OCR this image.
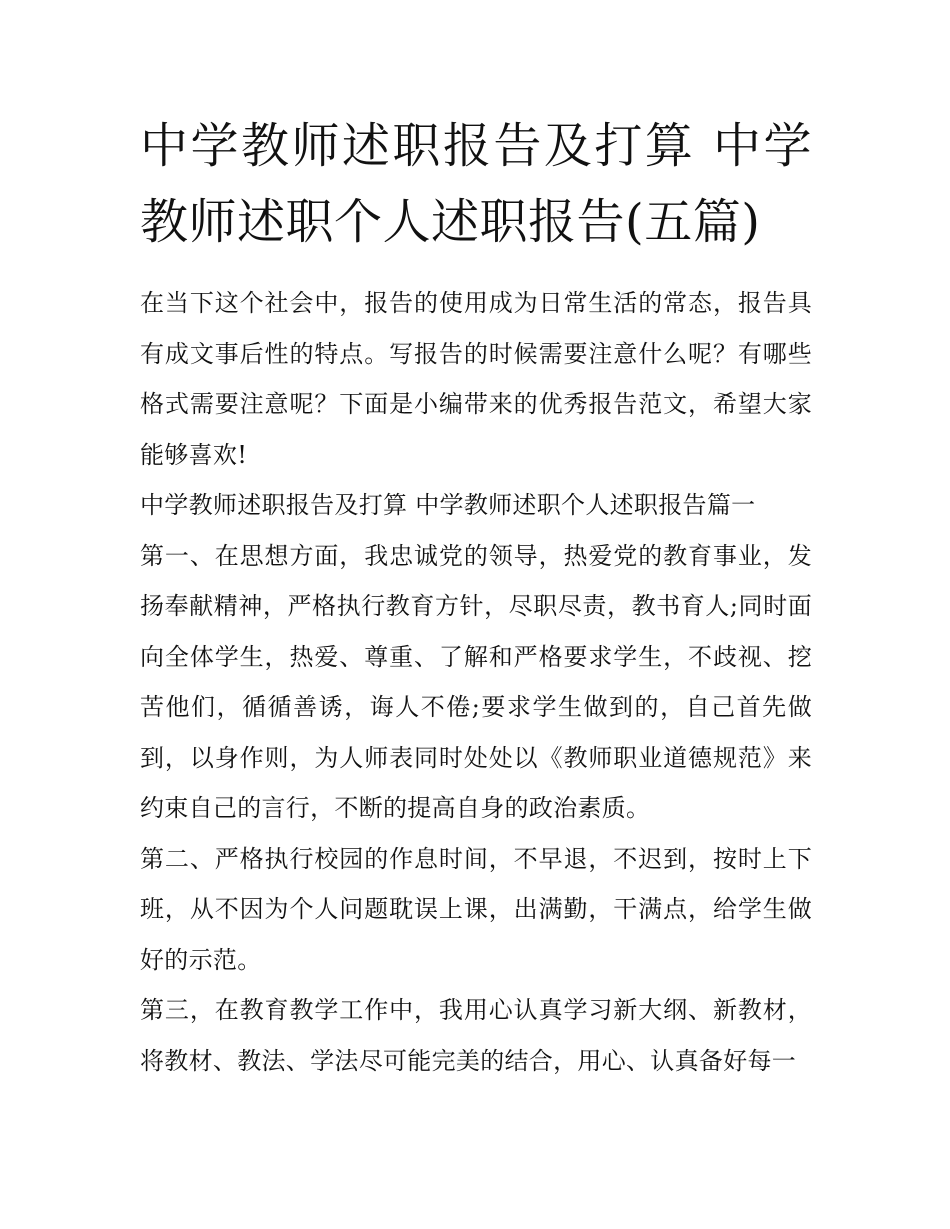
中学教师述职报告及打算 中学教师述职个人述职报告(五篇)

在当下这个社会中，报告的使用成为日常生活的常态，报告具有成文事后性的特点。写报告的时候需要注意什么呢？有哪些格式需要注意呢？下面是小编带来的优秀报告范文，希望大家能够喜欢!

中学教师述职报告及打算 中学教师述职个人述职报告篇一

第一、在思想方面，我忠诚党的领导，热爱党的教育事业，发扬奉献精神，严格执行教育方针，尽职尽责，教书育人;同时面向全体学生，热爱、尊重、了解和严格要求学生，不歧视、挖苦他们，循循善诱，诲人不倦;要求学生做到的，自己首先做到，以身作则，为人师表同时处处以《教师职业道德规范》来约束自己的言行，不断的提高自身的政治素质。

第二、严格执行校园的作息时间，不早退，不迟到，按时上下班，从不因为个人问题耽误上课，出满勤，干满点，给学生做好的示范。

第三，在教育教学工作中，我用心认真学习新大纲、新教材，将教材、教法、学法尽可能完美的结合，用心、认真备好每一
